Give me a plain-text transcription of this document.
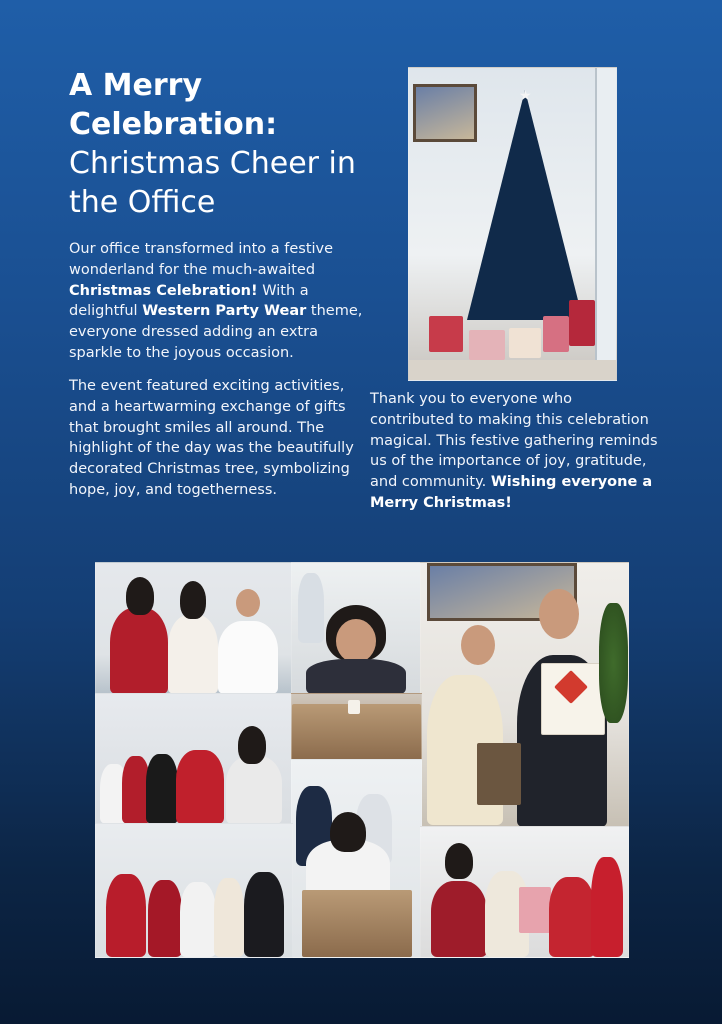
A Merry Celebration:
Christmas Cheer in the Office

Our office transformed into a festive wonderland for the much-awaited Christmas Celebration! With a delightful Western Party Wear theme, everyone dressed adding an extra sparkle to the joyous occasion.

The event featured exciting activities, and a heartwarming exchange of gifts that brought smiles all around. The highlight of the day was the beautifully decorated Christmas tree, symbolizing hope, joy, and togetherness.

Thank you to everyone who contributed to making this celebration magical. This festive gathering reminds us of the importance of joy, gratitude, and community. Wishing everyone a Merry Christmas!

★
